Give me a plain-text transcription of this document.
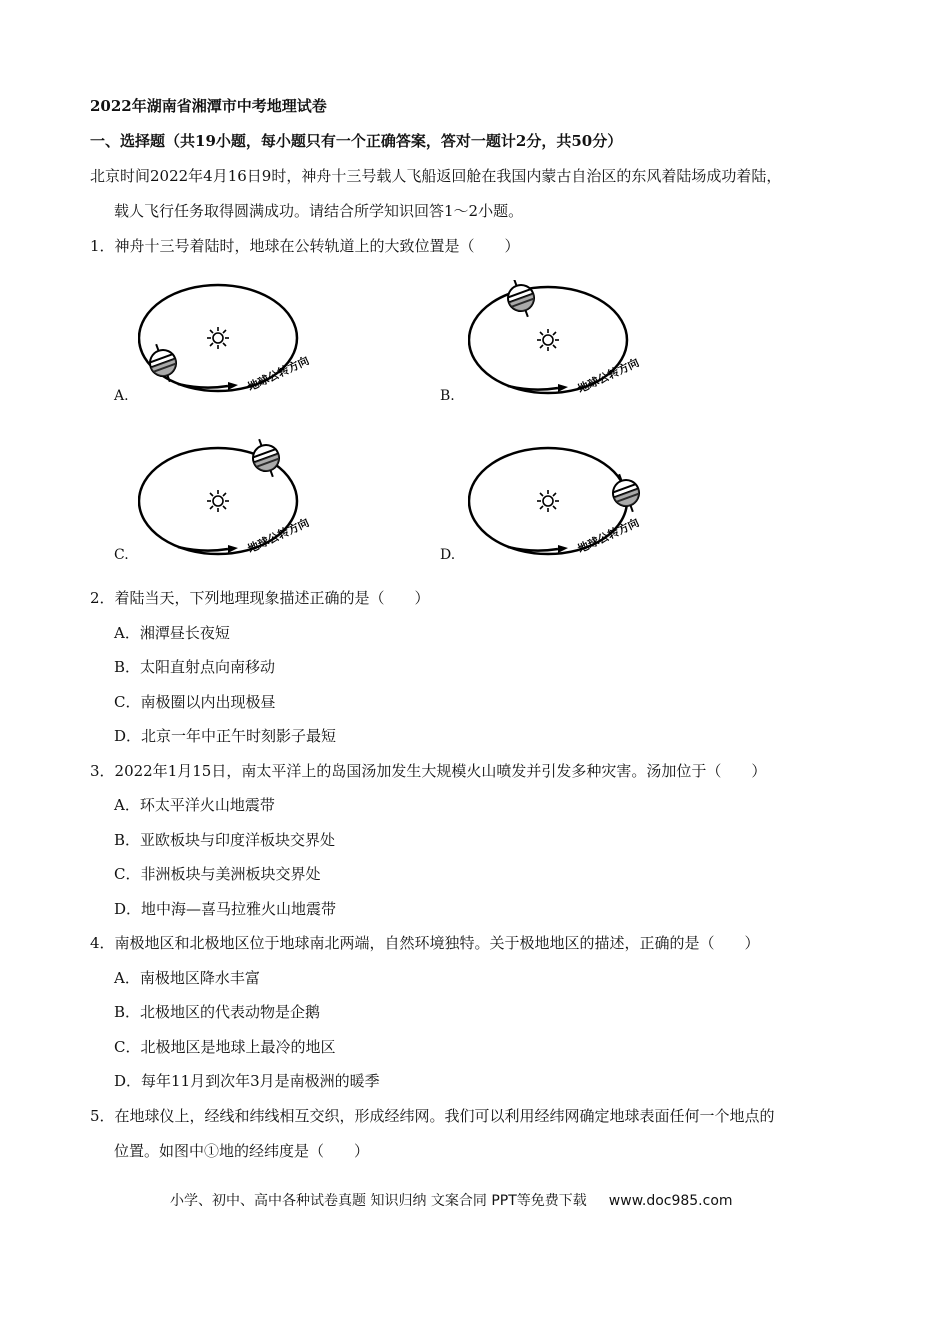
2022年湖南省湘潭市中考地理试卷
一、选择题（共19小题，每小题只有一个正确答案，答对一题计2分，共50分）
北京时间2022年4月16日9时，神舟十三号载人飞船返回舱在我国内蒙古自治区的东风着陆场成功着陆，
载人飞行任务取得圆满成功。请结合所学知识回答1～2小题。
1．神舟十三号着陆时，地球在公转轨道上的大致位置是（　　）
地球公转方向
A.
地球公转方向
B.
地球公转方向
C.	地球公转方向
D.
2．着陆当天，下列地理现象描述正确的是（　　）
A．湘潭昼长夜短
B．太阳直射点向南移动
C．南极圈以内出现极昼
D．北京一年中正午时刻影子最短
3．2022年1月15日，南太平洋上的岛国汤加发生大规模火山喷发并引发多种灾害。汤加位于（　　）
A．环太平洋火山地震带
B．亚欧板块与印度洋板块交界处
C．非洲板块与美洲板块交界处
D．地中海—喜马拉雅火山地震带
4．南极地区和北极地区位于地球南北两端，自然环境独特。关于极地地区的描述，正确的是（　　）
A．南极地区降水丰富
B．北极地区的代表动物是企鹅
C．北极地区是地球上最冷的地区
D．每年11月到次年3月是南极洲的暖季
5．在地球仪上，经线和纬线相互交织，形成经纬网。我们可以利用经纬网确定地球表面任何一个地点的
位置。如图中①地的经纬度是（　　）
小学、初中、高中各种试卷真题 知识归纳 文案合同 PPT等免费下载 www.doc985.com
